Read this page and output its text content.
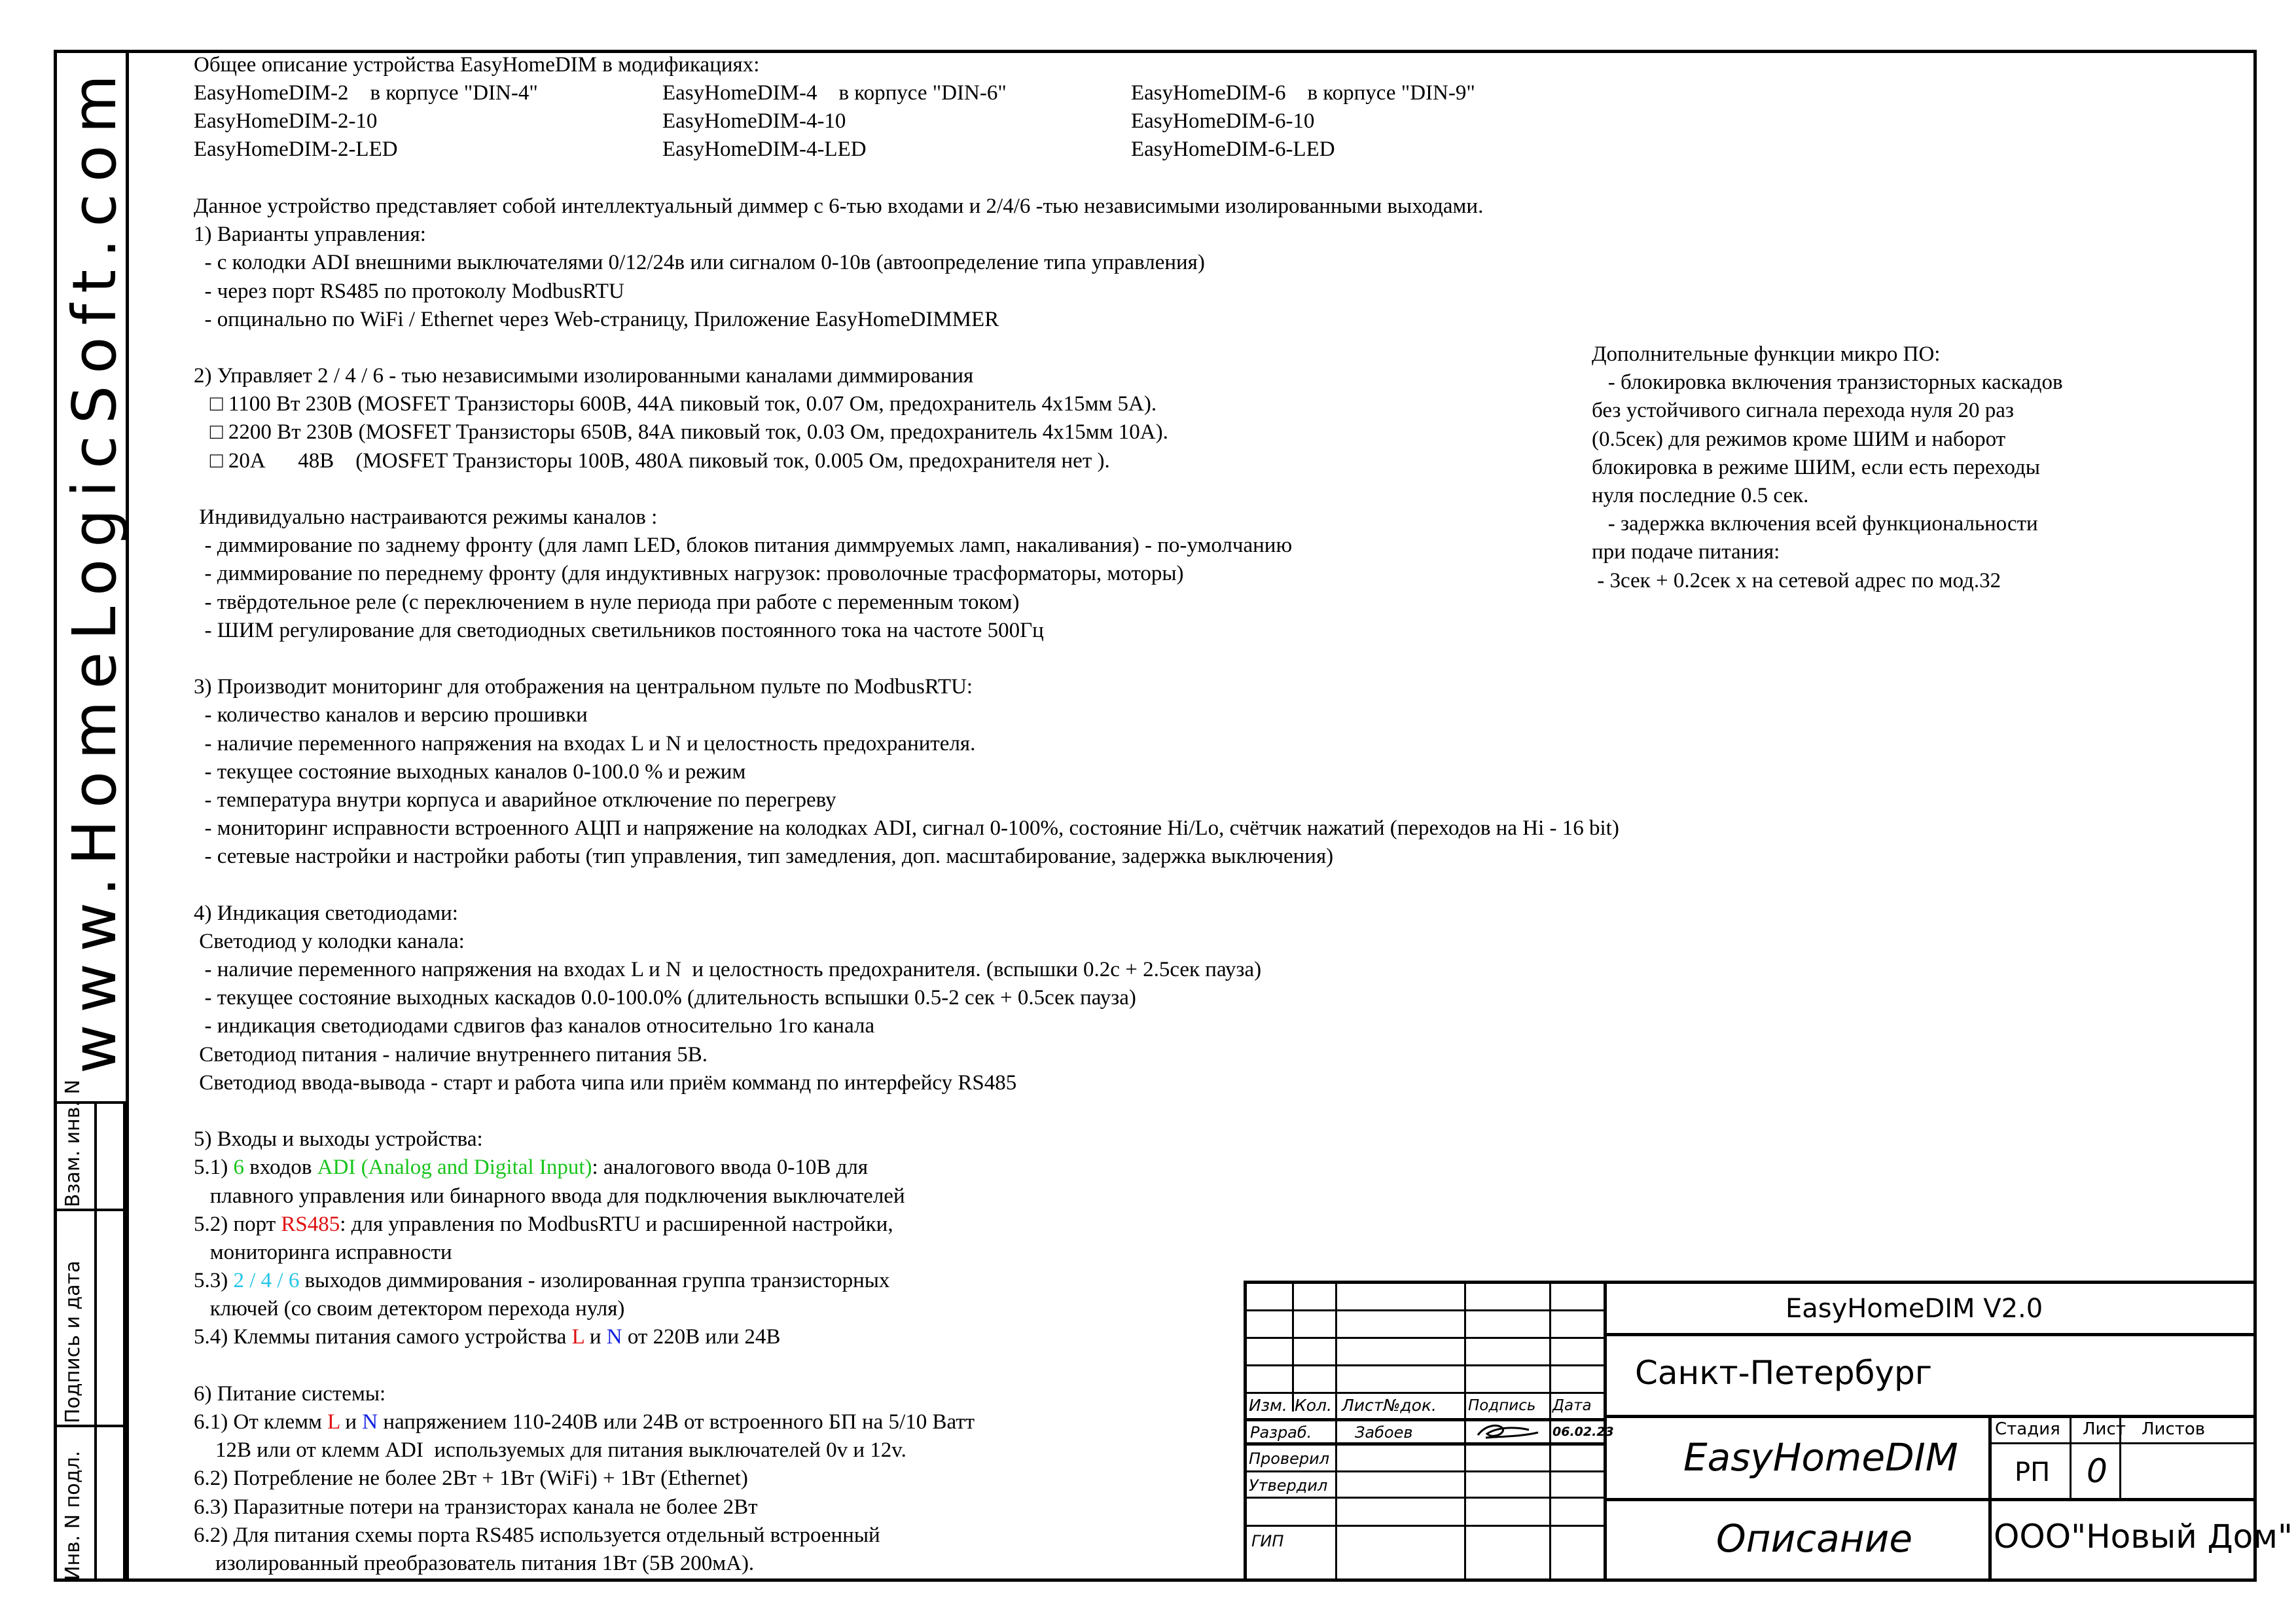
www.HomeLogicSoft.com
Взам. инв. N
Подпись и дата
Инв. N подл.
Общее описание устройства EasyHomeDIM в модификациях:
Данное устройство представляет собой интеллектуальный диммер с 6-тью входами и 2/4/6 -тью независимыми изолированными выходами.
1) Варианты управления:
- с колодки ADI внешними выключателями 0/12/24в или сигналом 0-10в (автоопределение типа управления)
- через порт RS485 по протоколу ModbusRTU
- опцинально по WiFi / Ethernet через Web-страницу, Приложение EasyHomeDIMMER
2) Управляет 2 / 4 / 6 - тью независимыми изолированными каналами диммирования
□ 1100 Вт 230В (MOSFET Транзисторы 600В, 44А пиковый ток, 0.07 Ом, предохранитель 4х15мм 5А).
□ 2200 Вт 230В (MOSFET Транзисторы 650В, 84А пиковый ток, 0.03 Ом, предохранитель 4х15мм 10А).
□ 20А      48В    (MOSFET Транзисторы 100В, 480А пиковый ток, 0.005 Ом, предохранителя нет ).
Индивидуально настраиваются режимы каналов :
- диммирование по заднему фронту (для ламп LED, блоков питания диммруемых ламп, накаливания) - по-умолчанию
- диммирование по переднему фронту (для индуктивных нагрузок: проволочные трасформаторы, моторы)
- твёрдотельное реле (с переключением в нуле периода при работе с переменным током)
- ШИМ регулирование для светодиодных светильников постоянного тока на частоте 500Гц
3) Производит мониторинг для отображения на центральном пульте по ModbusRTU:
- количество каналов и версию прошивки
- наличие переменного напряжения на входах L и N и целостность предохранителя.
- текущее состояние выходных каналов 0-100.0 % и режим
- температура внутри корпуса и аварийное отключение по перегреву
- мониторинг исправности встроенного АЦП и напряжение на колодках ADI, сигнал 0-100%, состояние Hi/Lo, счётчик нажатий (переходов на Hi - 16 bit)
- сетевые настройки и настройки работы (тип управления, тип замедления, доп. масштабирование, задержка выключения)
4) Индикация светодиодами:
Светодиод у колодки канала:
- наличие переменного напряжения на входах L и N  и целостность предохранителя. (вспышки 0.2с + 2.5сек пауза)
- текущее состояние выходных каскадов 0.0-100.0% (длительность вспышки 0.5-2 сек + 0.5сек пауза)
- индикация светодиодами сдвигов фаз каналов относительно 1го канала
Светодиод питания - наличие внутреннего питания 5В.
Светодиод ввода-вывода - старт и работа чипа или приём комманд по интерфейсу RS485
5) Входы и выходы устройства:
5.1) 6 входов ADI (Analog and Digital Input): аналогового ввода 0-10В для
плавного управления или бинарного ввода для подключения выключателей
5.2) порт RS485: для управления по ModbusRTU и расширенной настройки,
мониторинга исправности
5.3) 2 / 4 / 6 выходов диммирования - изолированная группа транзисторных
ключей (со своим детектором перехода нуля)
5.4) Клеммы питания самого устройства L и N от 220В или 24В
6) Питание системы:
6.1) От клемм L и N напряжением 110-240В или 24В от встроенного БП на 5/10 Ватт
12В или от клемм ADI  используемых для питания выключателей 0v и 12v.
6.2) Потребление не более 2Вт + 1Вт (WiFi) + 1Вт (Ethernet)
6.3) Паразитные потери на транзисторах канала не более 2Вт
6.2) Для питания схемы порта RS485 используется отдельный встроенный
изолированный преобразователь питания 1Вт (5В 200мА).
EasyHomeDIM-2    в корпусе "DIN-4"	EasyHomeDIM-4    в корпусе "DIN-6"	EasyHomeDIM-6    в корпусе "DIN-9"
EasyHomeDIM-2-10	EasyHomeDIM-4-10	EasyHomeDIM-6-10
EasyHomeDIM-2-LED	EasyHomeDIM-4-LED	EasyHomeDIM-6-LED
Дополнительные функции микро ПО:
- блокировка включения транзисторных каскадов
без устойчивого сигнала перехода нуля 20 раз
(0.5сек) для режимов кроме ШИМ и наборот
блокировка в режиме ШИМ, если есть переходы
нуля последние 0.5 сек.
- задержка включения всей функциональности
при подаче питания:
- 3сек + 0.2сек х на сетевой адрес по мод.32
Изм. Кол. Лист№док. Подпись Дата
Разраб.	Забоев	06.02.23
Проверил
Утвердил
ГИП
EasyHomeDIM V2.0
Санкт-Петербург
EasyHomeDIM
Описание
Стадия Лист Листов
РП 0
ООО"Новый Дом"
